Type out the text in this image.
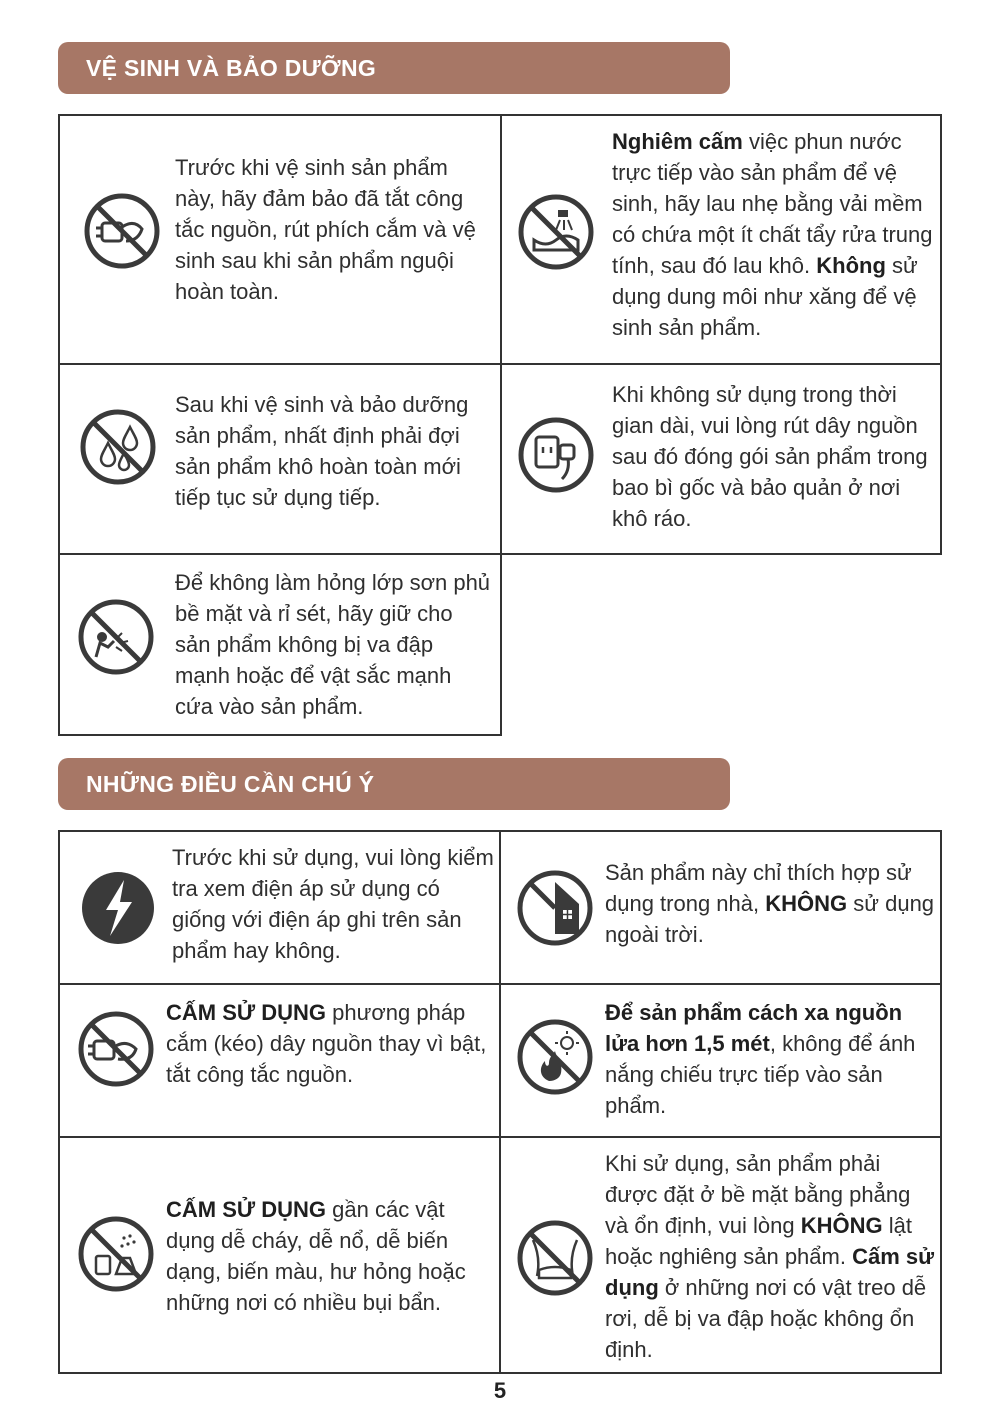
VỆ SINH VÀ BẢO DƯỠNG
Trước khi vệ sinh sản phẩm này, hãy đảm bảo đã tắt công tắc nguồn, rút phích cắm và vệ sinh sau khi sản phẩm nguội hoàn toàn.
Nghiêm cấm việc phun nước trực tiếp vào sản phẩm để vệ sinh, hãy lau nhẹ bằng vải mềm có chứa một ít chất tẩy rửa trung tính, sau đó lau khô. Không sử dụng dung môi như xăng để vệ sinh sản phẩm.
Sau khi vệ sinh và bảo dưỡng sản phẩm, nhất định phải đợi sản phẩm khô hoàn toàn mới tiếp tục sử dụng tiếp.
Khi không sử dụng trong thời gian dài, vui lòng rút dây nguồn sau đó đóng gói sản phẩm trong bao bì gốc và bảo quản ở nơi khô ráo.
Để không làm hỏng lớp sơn phủ bề mặt và rỉ sét, hãy giữ cho sản phẩm không bị va đập mạnh hoặc để vật sắc mạnh cứa vào sản phẩm.
NHỮNG ĐIỀU CẦN CHÚ Ý
Trước khi sử dụng, vui lòng kiểm tra xem điện áp sử dụng có giống với điện áp ghi trên sản phẩm hay không.
Sản phẩm này chỉ thích hợp sử dụng trong nhà, KHÔNG sử dụng ngoài trời.
CẤM SỬ DỤNG phương pháp cắm (kéo) dây nguồn thay vì bật, tắt công tắc nguồn.
Để sản phẩm cách xa nguồn lửa hơn 1,5 mét, không để ánh nắng chiếu trực tiếp vào sản phẩm.
CẤM SỬ DỤNG gần các vật dụng dễ cháy, dễ nổ, dễ biến dạng, biến màu, hư hỏng hoặc những nơi có nhiều bụi bẩn.
Khi sử dụng, sản phẩm phải được đặt ở bề mặt bằng phẳng và ổn định, vui lòng KHÔNG lật hoặc nghiêng sản phẩm. Cấm sử dụng ở những nơi có vật treo dễ rơi, dễ bị va đập hoặc không ổn định.
5
